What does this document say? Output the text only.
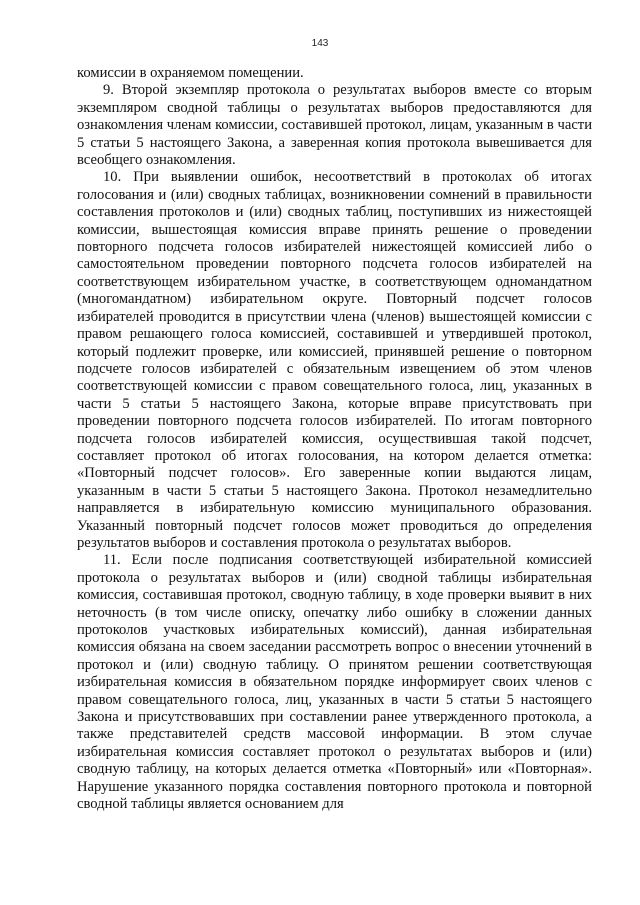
143

комиссии в охраняемом помещении.

9. Второй экземпляр протокола о результатах выборов вместе со вторым экземпляром сводной таблицы о результатах выборов предоставляются для ознакомления членам комиссии, составившей протокол, лицам, указанным в части 5 статьи 5 настоящего Закона, а заверенная копия протокола вывешивается для всеобщего ознакомления.

10. При выявлении ошибок, несоответствий в протоколах об итогах голосования и (или) сводных таблицах, возникновении сомнений в правильности составления протоколов и (или) сводных таблиц, поступивших из нижестоящей комиссии, вышестоящая комиссия вправе принять решение о проведении повторного подсчета голосов избирателей нижестоящей комиссией либо о самостоятельном проведении повторного подсчета голосов избирателей на соответствующем избирательном участке, в соответствующем одномандатном (многомандатном) избирательном округе. Повторный подсчет голосов избирателей проводится в присутствии члена (членов) вышестоящей комиссии с правом решающего голоса комиссией, составившей и утвердившей протокол, который подлежит проверке, или комиссией, принявшей решение о повторном подсчете голосов избирателей с обязательным извещением об этом членов соответствующей комиссии с правом совещательного голоса, лиц, указанных в части 5 статьи 5 настоящего Закона, которые вправе присутствовать при проведении повторного подсчета голосов избирателей. По итогам повторного подсчета голосов избирателей комиссия, осуществившая такой подсчет, составляет протокол об итогах голосования, на котором делается отметка: «Повторный подсчет голосов». Его заверенные копии выдаются лицам, указанным в части 5 статьи 5 настоящего Закона. Протокол незамедлительно направляется в избирательную комиссию муниципального образования. Указанный повторный подсчет голосов может проводиться до определения результатов выборов и составления протокола о результатах выборов.

11. Если после подписания соответствующей избирательной комиссией протокола о результатах выборов и (или) сводной таблицы избирательная комиссия, составившая протокол, сводную таблицу, в ходе проверки выявит в них неточность (в том числе описку, опечатку либо ошибку в сложении данных протоколов участковых избирательных комиссий), данная избирательная комиссия обязана на своем заседании рассмотреть вопрос о внесении уточнений в протокол и (или) сводную таблицу. О принятом решении соответствующая избирательная комиссия в обязательном порядке информирует своих членов с правом совещательного голоса, лиц, указанных в части 5 статьи 5 настоящего Закона и присутствовавших при составлении ранее утвержденного протокола, а также представителей средств массовой информации. В этом случае избирательная комиссия составляет протокол о результатах выборов и (или) сводную таблицу, на которых делается отметка «Повторный» или «Повторная». Нарушение указанного порядка составления повторного протокола и повторной сводной таблицы является основанием для
